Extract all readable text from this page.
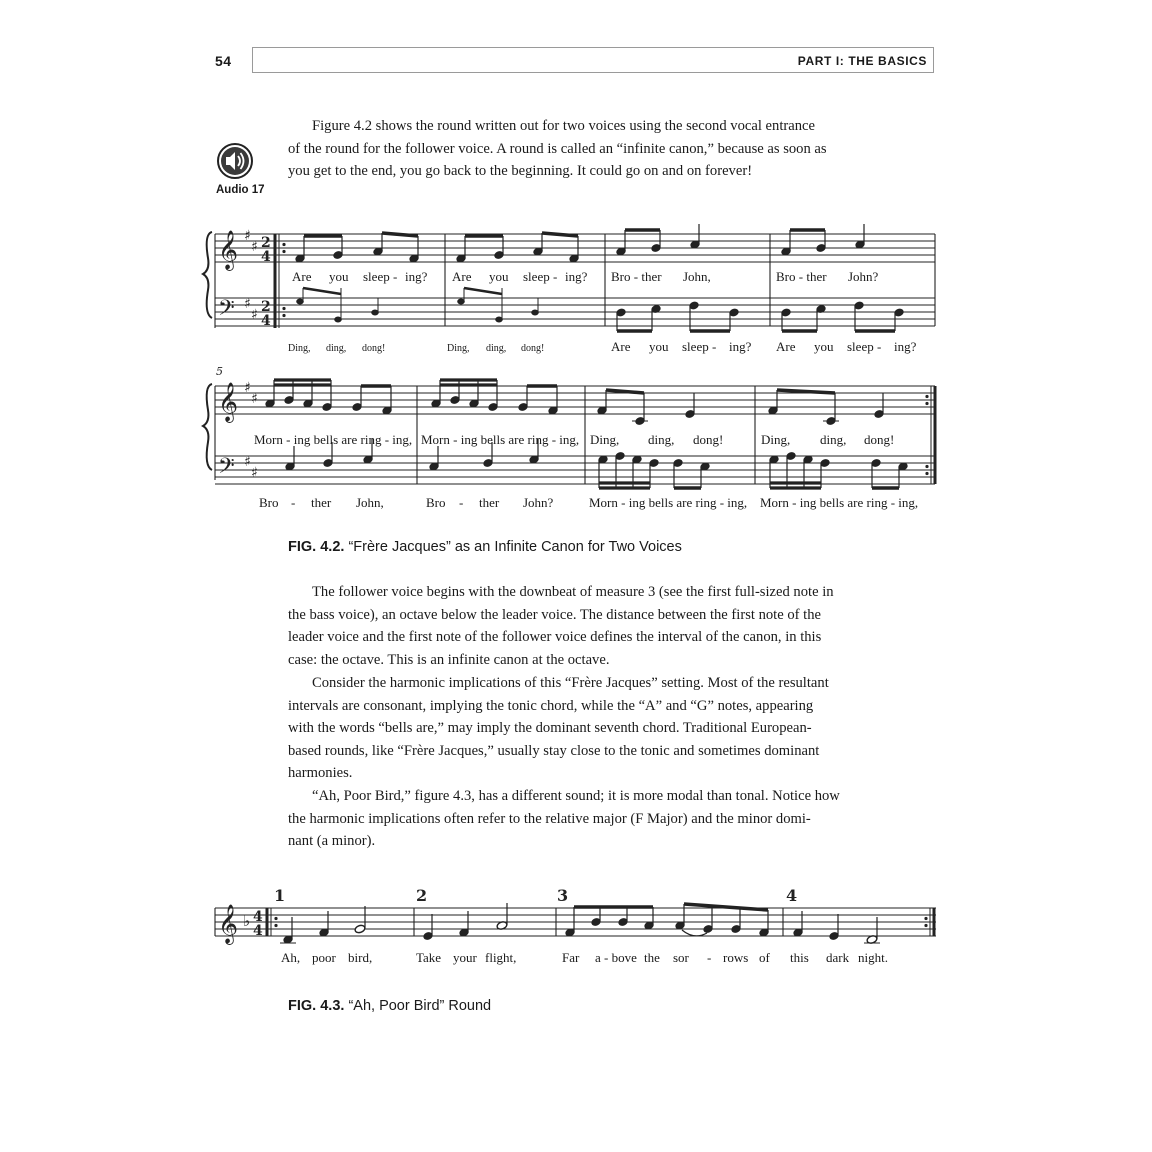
54	PART I: THE BASICS
Audio 17
Figure 4.2 shows the round written out for two voices using the second vocal entrance
of the round for the follower voice. A round is called an “infinite canon,” because as soon as
you get to the end, you go back to the beginning. It could go on and on forever!
𝄞
𝄢
♯
♯
♯
♯
2
4
2
4
Are you sleep - ing? Are you sleep - ing? Bro - ther John,	Bro - ther John?
Ding, ding, dong!	Ding, ding, dong!	Are you sleep - ing? Are you sleep - ing?
5
𝄞
𝄢
♯
♯
♯
♯
Morn - ing bells are ring - ing, Morn - ing bells are ring - ing, Ding, ding, dong!	Ding, ding, dong!
Bro - ther John,	Bro - ther John?	Morn - ing bells are ring - ing, Morn - ing bells are ring - ing,
FIG. 4.2. “Frère Jacques” as an Infinite Canon for Two Voices
The follower voice begins with the downbeat of measure 3 (see the first full-sized note in
the bass voice), an octave below the leader voice. The distance between the first note of the
leader voice and the first note of the follower voice defines the interval of the canon, in this
case: the octave. This is an infinite canon at the octave.
Consider the harmonic implications of this “Frère Jacques” setting. Most of the resultant
intervals are consonant, implying the tonic chord, while the “A” and “G” notes, appearing
with the words “bells are,” may imply the dominant seventh chord. Traditional European-
based rounds, like “Frère Jacques,” usually stay close to the tonic and sometimes dominant
harmonies.
“Ah, Poor Bird,” figure 4.3, has a different sound; it is more modal than tonal. Notice how
the harmonic implications often refer to the relative major (F Major) and the minor domi-
nant (a minor).
𝄞 ♭ 4
4
1	2	3	4
Ah, poor bird,	Take your flight,	Far a - bove the sor - rows of this dark night.
FIG. 4.3. “Ah, Poor Bird” Round
